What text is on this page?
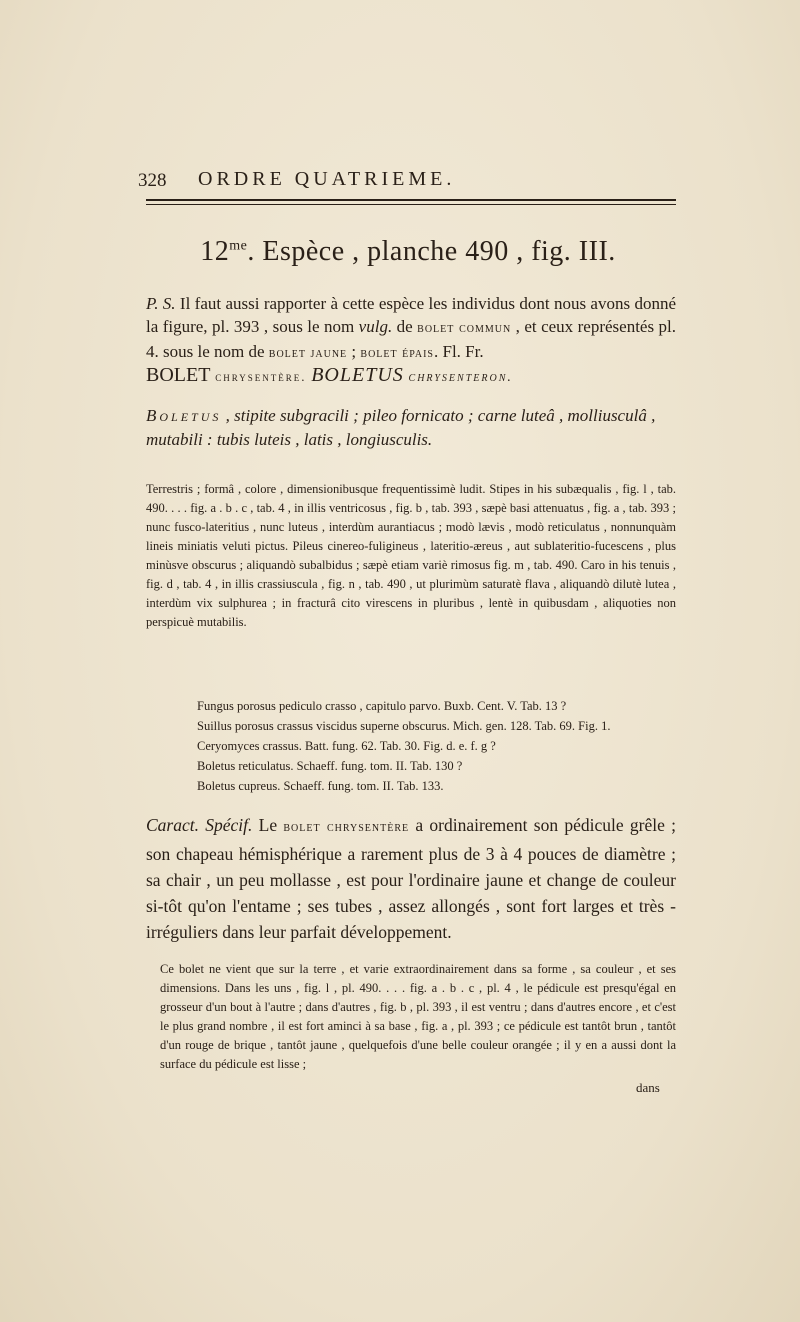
328 ORDRE QUATRIEME.
$12^{me}$. Espèce , planche 490 , fig. III.
P. S. Il faut aussi rapporter à cette espèce les individus dont nous avons donné la figure, pl. 393 , sous le nom vulg. de bolet commun , et ceux représentés pl. 4. sous le nom de bolet jaune ; bolet épais. Fl. Fr.
BOLET chrysentère. BOLETUS chrysenteron.
Boletus , stipite subgracili ; pileo fornicato ; carne luteâ , molliusculâ , mutabili : tubis luteis , latis , longiusculis.
Terrestris ; formâ , colore , dimensionibusque frequentissimè ludit. Stipes in his subæqualis , fig. l , tab. 490. . . . fig. a . b . c , tab. 4 , in illis ventricosus , fig. b , tab. 393 , sæpè basi attenuatus , fig. a , tab. 393 ; nunc fusco-lateritius , nunc luteus , interdùm aurantiacus ; modò lævis , modò reticulatus , nonnunquàm lineis miniatis veluti pictus. Pileus cinereo-fuligineus , lateritio-æreus , aut sublateritio-fucescens , plus minùsve obscurus ; aliquandò subalbidus ; sæpè etiam variè rimosus fig. m , tab. 490. Caro in his tenuis , fig. d , tab. 4 , in illis crassiuscula , fig. n , tab. 490 , ut plurimùm saturatè flava , aliquandò dilutè lutea , interdùm vix sulphurea ; in fracturâ cito virescens in pluribus , lentè in quibusdam , aliquoties non perspicuè mutabilis.
Fungus porosus pediculo crasso , capitulo parvo. Buxb. Cent. V. Tab. 13 ?
Suillus porosus crassus viscidus superne obscurus. Mich. gen. 128. Tab. 69. Fig. 1.
Ceryomyces crassus. Batt. fung. 62. Tab. 30. Fig. d. e. f. g ?
Boletus reticulatus. Schaeff. fung. tom. II. Tab. 130 ?
Boletus cupreus. Schaeff. fung. tom. II. Tab. 133.
Caract. Spécif. Le bolet chrysentère a ordinairement son pédicule grêle ; son chapeau hémisphérique a rarement plus de 3 à 4 pouces de diamètre ; sa chair , un peu mollasse , est pour l'ordinaire jaune et change de couleur si-tôt qu'on l'entame ; ses tubes , assez allongés , sont fort larges et très - irréguliers dans leur parfait développement.
Ce bolet ne vient que sur la terre , et varie extraordinairement dans sa forme , sa couleur , et ses dimensions. Dans les uns , fig. l , pl. 490. . . . fig. a . b . c , pl. 4 , le pédicule est presqu'égal en grosseur d'un bout à l'autre ; dans d'autres , fig. b , pl. 393 , il est ventru ; dans d'autres encore , et c'est le plus grand nombre , il est fort aminci à sa base , fig. a , pl. 393 ; ce pédicule est tantôt brun , tantôt d'un rouge de brique , tantôt jaune , quelquefois d'une belle couleur orangée ; il y en a aussi dont la surface du pédicule est lisse ;
dans
